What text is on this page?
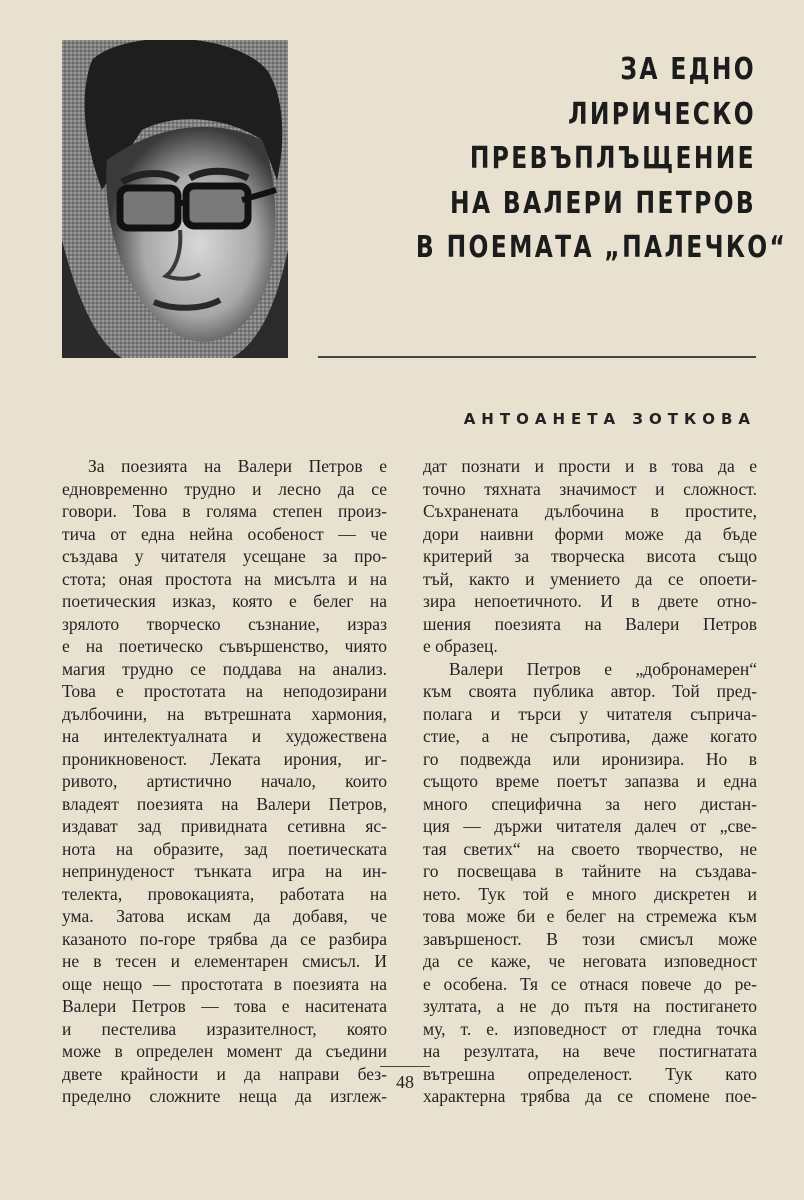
ЗА ЕДНО
ЛИРИЧЕСКО
ПРЕВЪПЛЪЩЕНИЕ
НА ВАЛЕРИ ПЕТРОВ
В ПОЕМАТА „ПАЛЕЧКО“
АНТОАНЕТА ЗОТКОВА
За поезията на Валери Петров е
едновременно трудно и лесно да се
говори. Това в голяма степен произ-
тича от една нейна особеност — че
създава у читателя усещане за про-
стота; оная простота на мисълта и на
поетическия изказ, която е белег на
зрялото творческо съзнание, израз
е на поетическо съвършенство, чиято
магия трудно се поддава на анализ.
Това е простотата на неподозирани
дълбочини, на вътрешната хармония,
на интелектуалната и художествена
проникновеност. Леката ирония, иг-
ривото, артистично начало, които
владеят поезията на Валери Петров,
издават зад привидната сетивна яс-
нота на образите, зад поетическата
непринуденост тънката игра на ин-
телекта, провокацията, работата на
ума. Затова искам да добавя, че
казаното по-горе трябва да се разбира
не в тесен и елементарен смисъл. И
още нещо — простотата в поезията на
Валери Петров — това е наситената
и пестелива изразителност, която
може в определен момент да съедини
двете крайности и да направи без-
пределно сложните неща да изглеж-
дат познати и прости и в това да е
точно тяхната значимост и сложност.
Съхранената дълбочина в простите,
дори наивни форми може да бъде
критерий за творческа висота също
тъй, както и умението да се опоети-
зира непоетичното. И в двете отно-
шения поезията на Валери Петров
е образец.
Валери Петров е „добронамерен“
към своята публика автор. Той пред-
полага и търси у читателя съприча-
стие, а не съпротива, даже когато
го подвежда или иронизира. Но в
същото време поетът запазва и една
много специфична за него дистан-
ция — държи читателя далеч от „све-
тая светих“ на своето творчество, не
го посвещава в тайните на създава-
нето. Тук той е много дискретен и
това може би е белег на стремежа към
завършеност. В този смисъл може
да се каже, че неговата изповедност
е особена. Тя се отнася повече до ре-
зултата, а не до пътя на постигането
му, т. е. изповедност от гледна точка
на резултата, на вече постигнатата
вътрешна определеност. Тук като
характерна трябва да се спомене пое-
48
